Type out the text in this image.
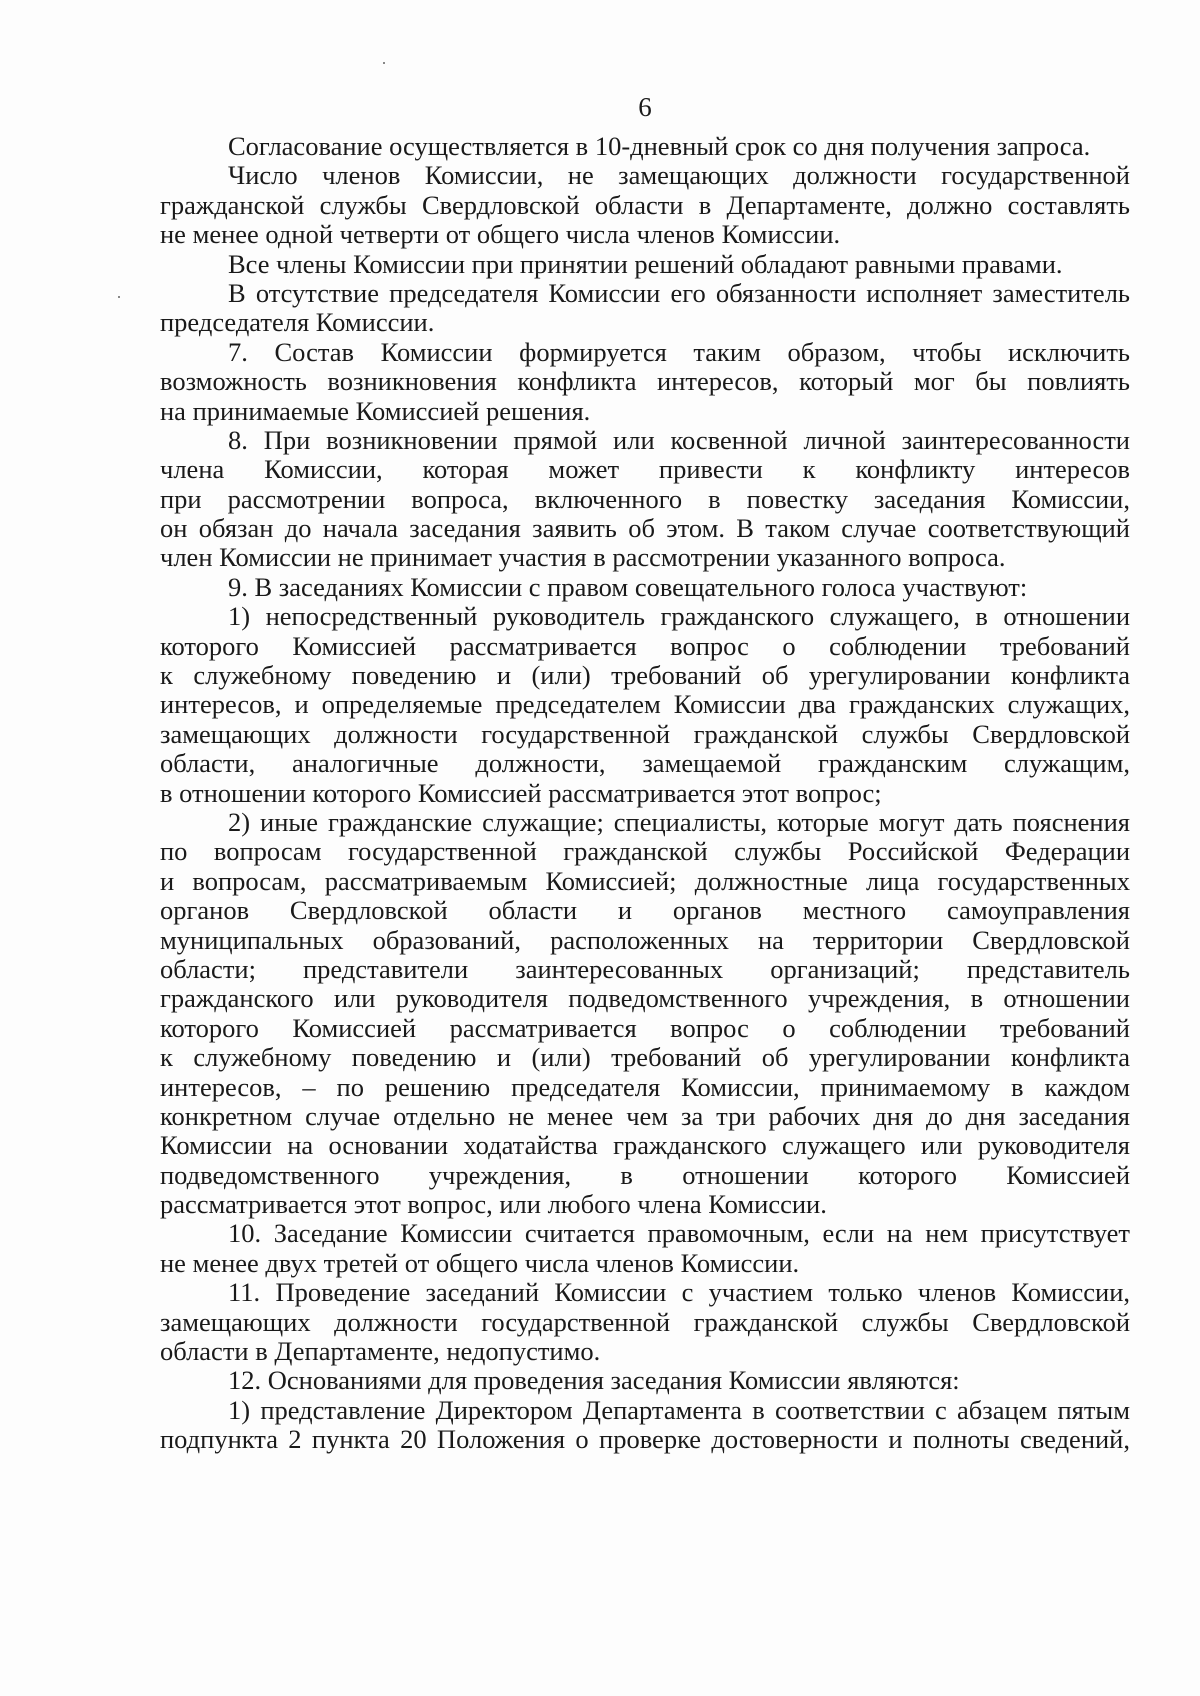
6
Согласование осуществляется в 10-дневный срок со дня получения запроса.
Число членов Комиссии, не замещающих должности государственной
гражданской службы Свердловской области в Департаменте, должно составлять
не менее одной четверти от общего числа членов Комиссии.
Все члены Комиссии при принятии решений обладают равными правами.
В отсутствие председателя Комиссии его обязанности исполняет заместитель
председателя Комиссии.
7. Состав Комиссии формируется таким образом, чтобы исключить
возможность возникновения конфликта интересов, который мог бы повлиять
на принимаемые Комиссией решения.
8. При возникновении прямой или косвенной личной заинтересованности
члена Комиссии, которая может привести к конфликту интересов
при рассмотрении вопроса, включенного в повестку заседания Комиссии,
он обязан до начала заседания заявить об этом. В таком случае соответствующий
член Комиссии не принимает участия в рассмотрении указанного вопроса.
9. В заседаниях Комиссии с правом совещательного голоса участвуют:
1) непосредственный руководитель гражданского служащего, в отношении
которого Комиссией рассматривается вопрос о соблюдении требований
к служебному поведению и (или) требований об урегулировании конфликта
интересов, и определяемые председателем Комиссии два гражданских служащих,
замещающих должности государственной гражданской службы Свердловской
области, аналогичные должности, замещаемой гражданским служащим,
в отношении которого Комиссией рассматривается этот вопрос;
2) иные гражданские служащие; специалисты, которые могут дать пояснения
по вопросам государственной гражданской службы Российской Федерации
и вопросам, рассматриваемым Комиссией; должностные лица государственных
органов Свердловской области и органов местного самоуправления
муниципальных образований, расположенных на территории Свердловской
области; представители заинтересованных организаций; представитель
гражданского или руководителя подведомственного учреждения, в отношении
которого Комиссией рассматривается вопрос о соблюдении требований
к служебному поведению и (или) требований об урегулировании конфликта
интересов, – по решению председателя Комиссии, принимаемому в каждом
конкретном случае отдельно не менее чем за три рабочих дня до дня заседания
Комиссии на основании ходатайства гражданского служащего или руководителя
подведомственного учреждения, в отношении которого Комиссией
рассматривается этот вопрос, или любого члена Комиссии.
10. Заседание Комиссии считается правомочным, если на нем присутствует
не менее двух третей от общего числа членов Комиссии.
11. Проведение заседаний Комиссии с участием только членов Комиссии,
замещающих должности государственной гражданской службы Свердловской
области в Департаменте, недопустимо.
12. Основаниями для проведения заседания Комиссии являются:
1) представление Директором Департамента в соответствии с абзацем пятым
подпункта 2 пункта 20 Положения о проверке достоверности и полноты сведений,
